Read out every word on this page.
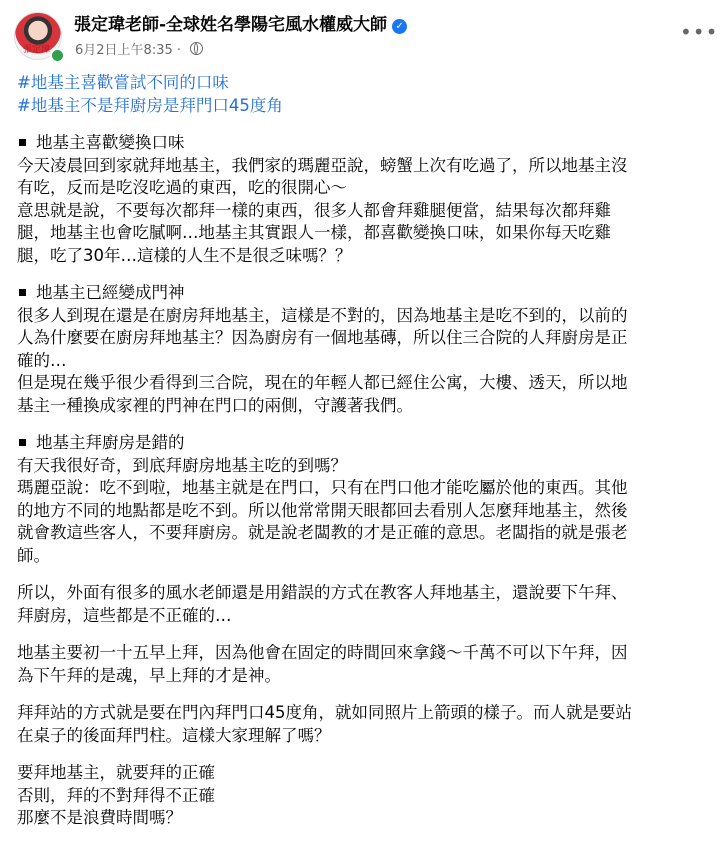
張定瑋
張定瑋老師-全球姓名學陽宅風水權威大師 ✓
6月2日上午8:35 ·
•••
#地基主喜歡嘗試不同的口味
#地基主不是拜廚房是拜門口45度角
地基主喜歡變換口味

今天凌晨回到家就拜地基主，我們家的瑪麗亞說，螃蟹上次有吃過了，所以地基主沒

有吃，反而是吃沒吃過的東西，吃的很開心～

意思就是說，不要每次都拜一樣的東西，很多人都會拜雞腿便當，結果每次都拜雞

腿，地基主也會吃膩啊…地基主其實跟人一樣，都喜歡變換口味，如果你每天吃雞

腿，吃了30年…這樣的人生不是很乏味嗎？？

地基主已經變成門神

很多人到現在還是在廚房拜地基主，這樣是不對的，因為地基主是吃不到的，以前的

人為什麼要在廚房拜地基主？因為廚房有一個地基磚，所以住三合院的人拜廚房是正

確的…

但是現在幾乎很少看得到三合院，現在的年輕人都已經住公寓，大樓、透天，所以地

基主一種換成家裡的門神在門口的兩側，守護著我們。

地基主拜廚房是錯的

有天我很好奇，到底拜廚房地基主吃的到嗎？

瑪麗亞說：吃不到啦，地基主就是在門口，只有在門口他才能吃屬於他的東西。其他

的地方不同的地點都是吃不到。所以他常常開天眼都回去看別人怎麼拜地基主，然後

就會教這些客人，不要拜廚房。就是說老闆教的才是正確的意思。老闆指的就是張老

師。

所以，外面有很多的風水老師還是用錯誤的方式在教客人拜地基主，還說要下午拜、

拜廚房，這些都是不正確的…

地基主要初一十五早上拜，因為他會在固定的時間回來拿錢～千萬不可以下午拜，因

為下午拜的是魂，早上拜的才是神。

拜拜站的方式就是要在門內拜門口45度角，就如同照片上箭頭的樣子。而人就是要站

在桌子的後面拜門柱。這樣大家理解了嗎？

要拜地基主，就要拜的正確

否則，拜的不對拜得不正確

那麼不是浪費時間嗎？
